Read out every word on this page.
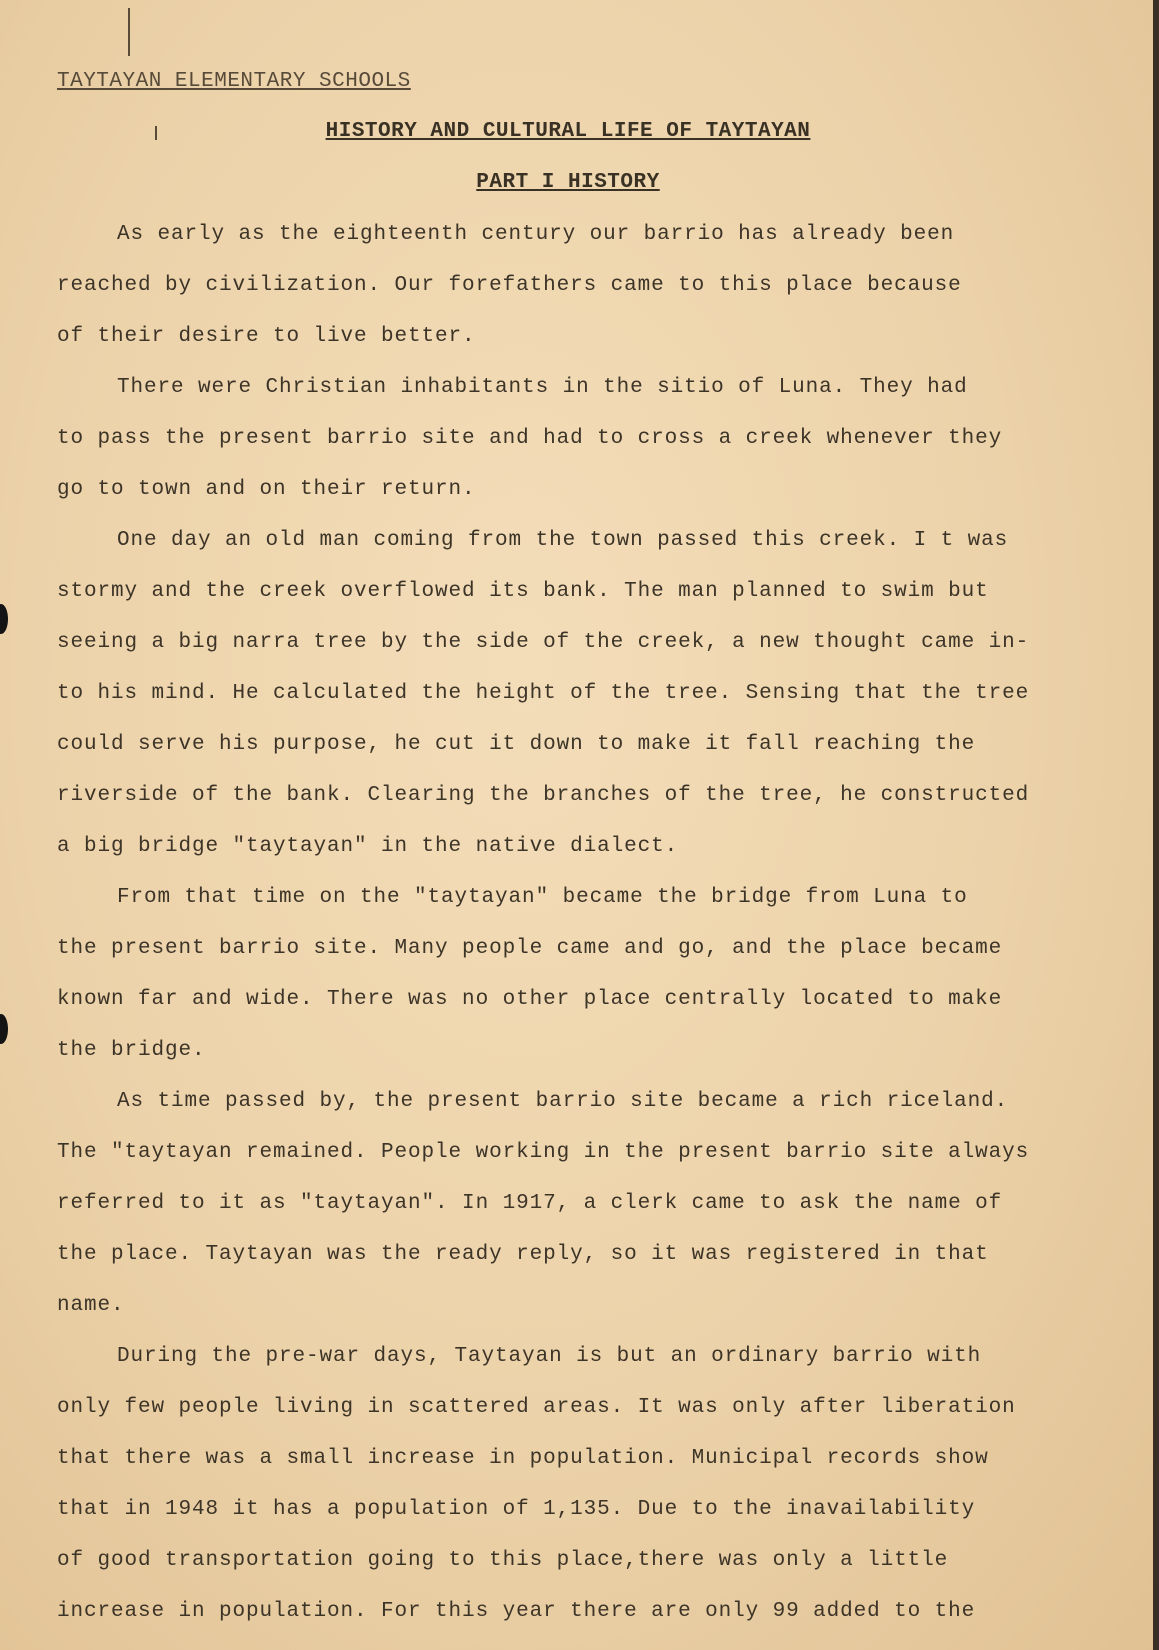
TAYTAYAN ELEMENTARY SCHOOLS
HISTORY AND CULTURAL LIFE OF TAYTAYAN
PART I HISTORY
As early as the eighteenth century our barrio has already been
reached by civilization. Our forefathers came to this place because
of their desire to live better.
There were Christian inhabitants in the sitio of Luna. They had
to pass the present barrio site and had to cross a creek whenever they
go to town and on their return.
One day an old man coming from the town passed this creek. I t was
stormy and the creek overflowed its bank. The man planned to swim but
seeing a big narra tree by the side of the creek, a new thought came in-
to his mind. He calculated the height of the tree. Sensing that the tree
could serve his purpose, he cut it down to make it fall reaching the
riverside of the bank. Clearing the branches of the tree, he constructed
a big bridge "taytayan" in the native dialect.
From that time on the "taytayan" became the bridge from Luna to
the present barrio site. Many people came and go, and the place became
known far and wide. There was no other place centrally located to make
the bridge.
As time passed by, the present barrio site became a rich riceland.
The "taytayan remained. People working in the present barrio site always
referred to it as "taytayan". In 1917, a clerk came to ask the name of
the place. Taytayan was the ready reply, so it was registered in that
name.
During the pre-war days, Taytayan is but an ordinary barrio with
only few people living in scattered areas. It was only after liberation
that there was a small increase in population. Municipal records show
that in 1948 it has a population of 1,135. Due to the inavailability
of good transportation going to this place,there was only a little
increase in population. For this year there are only 99 added to the
